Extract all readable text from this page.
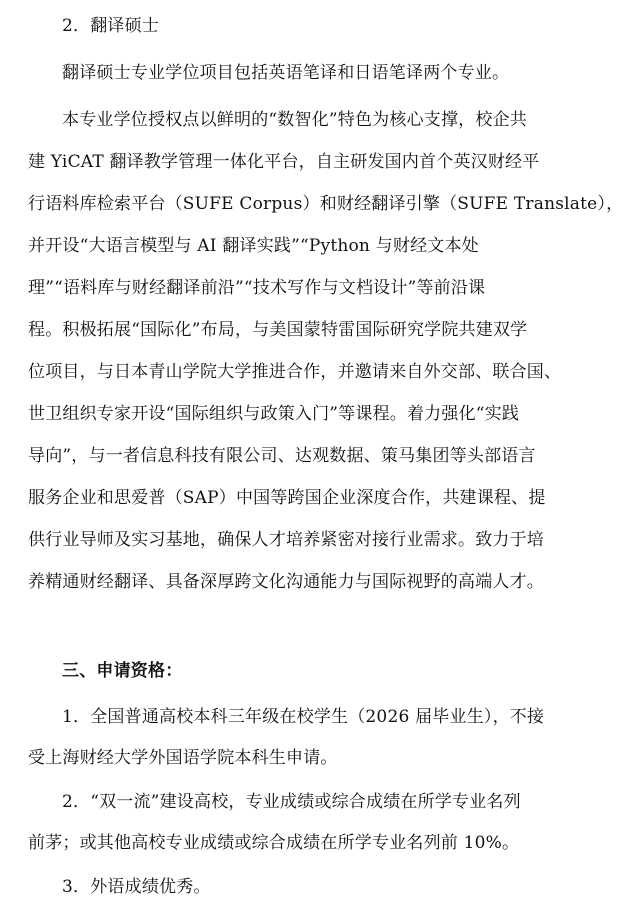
2．翻译硕士

翻译硕士专业学位项目包括英语笔译和日语笔译两个专业。

本专业学位授权点以鲜明的“数智化”特色为核心支撑，校企共

建 YiCAT 翻译教学管理一体化平台，自主研发国内首个英汉财经平

行语料库检索平台（SUFE Corpus）和财经翻译引擎（SUFE Translate），

并开设“大语言模型与 AI 翻译实践”“Python 与财经文本处

理”“语料库与财经翻译前沿”“技术写作与文档设计”等前沿课

程。积极拓展“国际化”布局，与美国蒙特雷国际研究学院共建双学

位项目，与日本青山学院大学推进合作，并邀请来自外交部、联合国、

世卫组织专家开设“国际组织与政策入门”等课程。着力强化“实践

导向”，与一者信息科技有限公司、达观数据、策马集团等头部语言

服务企业和思爱普（SAP）中国等跨国企业深度合作，共建课程、提

供行业导师及实习基地，确保人才培养紧密对接行业需求。致力于培

养精通财经翻译、具备深厚跨文化沟通能力与国际视野的高端人才。

三、申请资格：

1．全国普通高校本科三年级在校学生（2026 届毕业生），不接

受上海财经大学外国语学院本科生申请。

2．“双一流”建设高校，专业成绩或综合成绩在所学专业名列

前茅；或其他高校专业成绩或综合成绩在所学专业名列前 10%。

3．外语成绩优秀。
